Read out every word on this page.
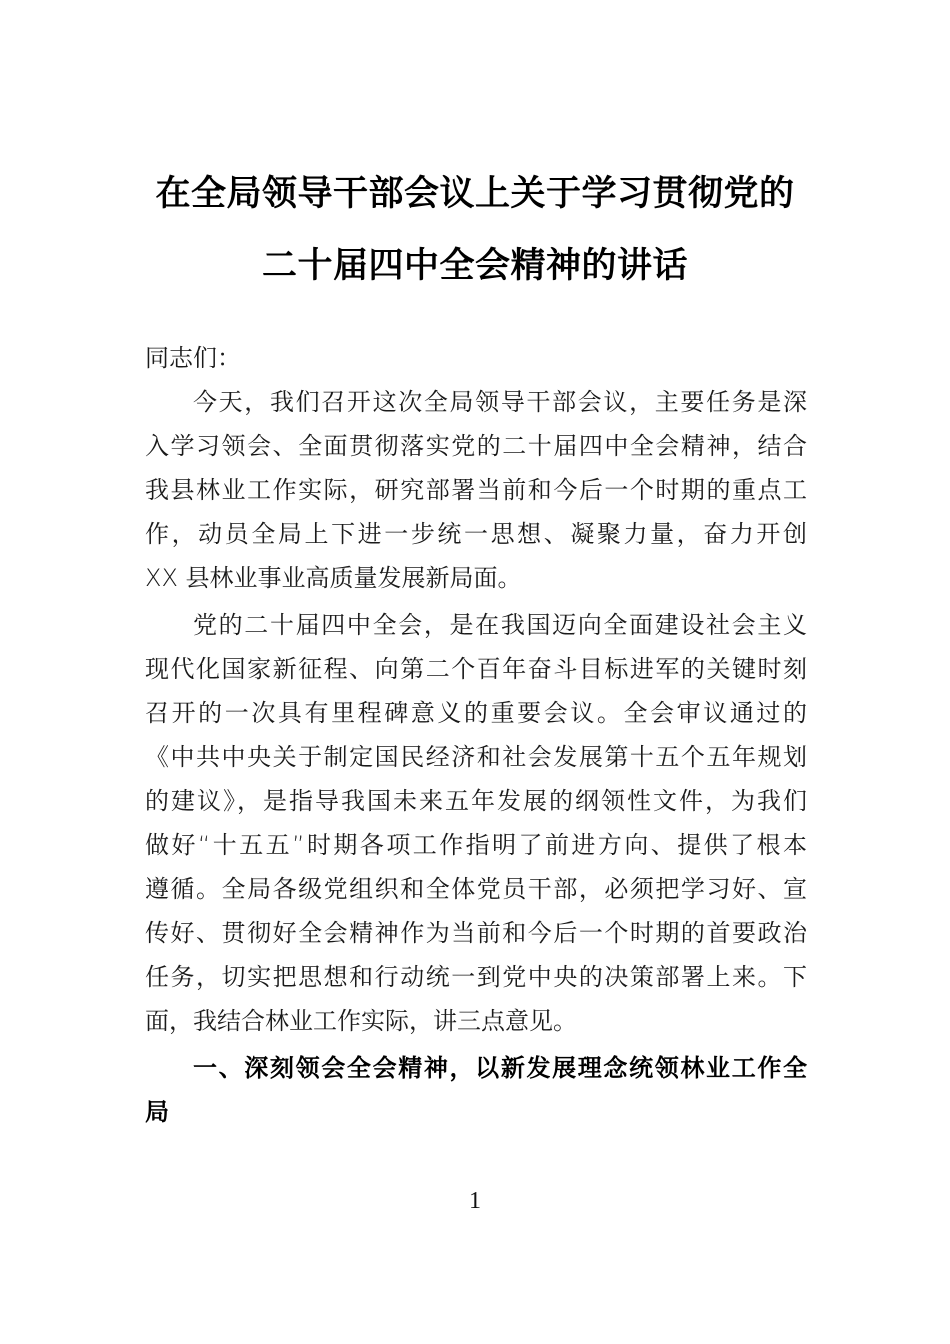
在全局领导干部会议上关于学习贯彻党的
二十届四中全会精神的讲话
同志们：
今天，我们召开这次全局领导干部会议，主要任务是深
入学习领会、全面贯彻落实党的二十届四中全会精神，结合
我县林业工作实际，研究部署当前和今后一个时期的重点工
作，动员全局上下进一步统一思想、凝聚力量，奋力开创
XX 县林业事业高质量发展新局面。
党的二十届四中全会，是在我国迈向全面建设社会主义
现代化国家新征程、向第二个百年奋斗目标进军的关键时刻
召开的一次具有里程碑意义的重要会议。全会审议通过的
《中共中央关于制定国民经济和社会发展第十五个五年规划
的建议》，是指导我国未来五年发展的纲领性文件，为我们
做好“十五五”时期各项工作指明了前进方向、提供了根本
遵循。全局各级党组织和全体党员干部，必须把学习好、宣
传好、贯彻好全会精神作为当前和今后一个时期的首要政治
任务，切实把思想和行动统一到党中央的决策部署上来。下
面，我结合林业工作实际，讲三点意见。
一、深刻领会全会精神，以新发展理念统领林业工作全
局
1
